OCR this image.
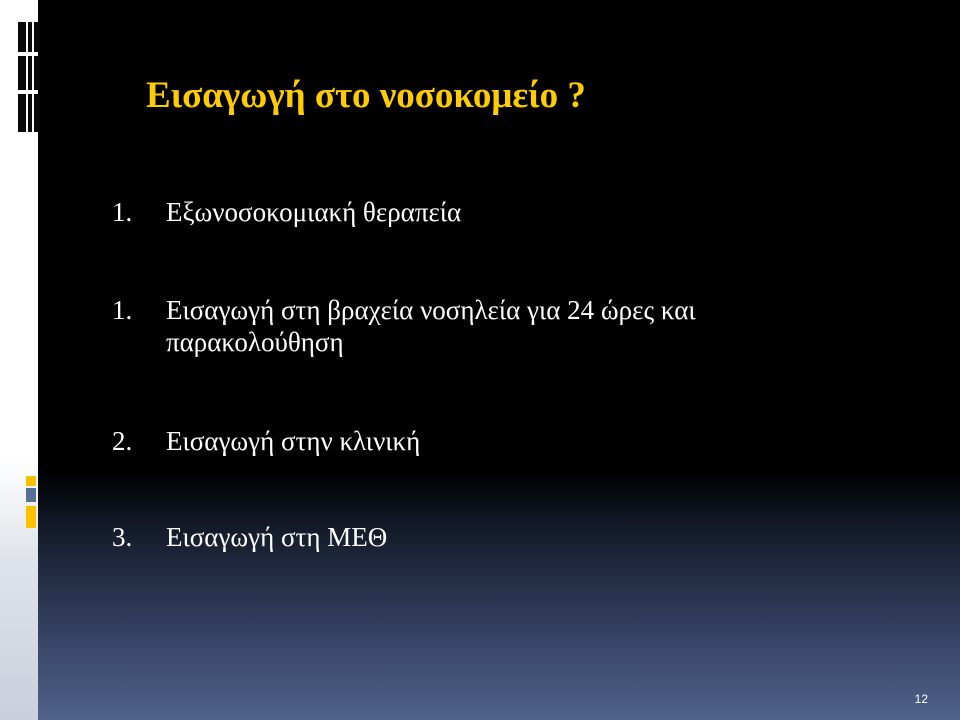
Εισαγωγή στο νοσοκομείο ?
1. Εξωνοσοκομιακή θεραπεία
1. Εισαγωγή στη βραχεία νοσηλεία για 24 ώρες και παρακολούθηση
2. Εισαγωγή στην κλινική
3. Εισαγωγή στη ΜΕΘ
12
